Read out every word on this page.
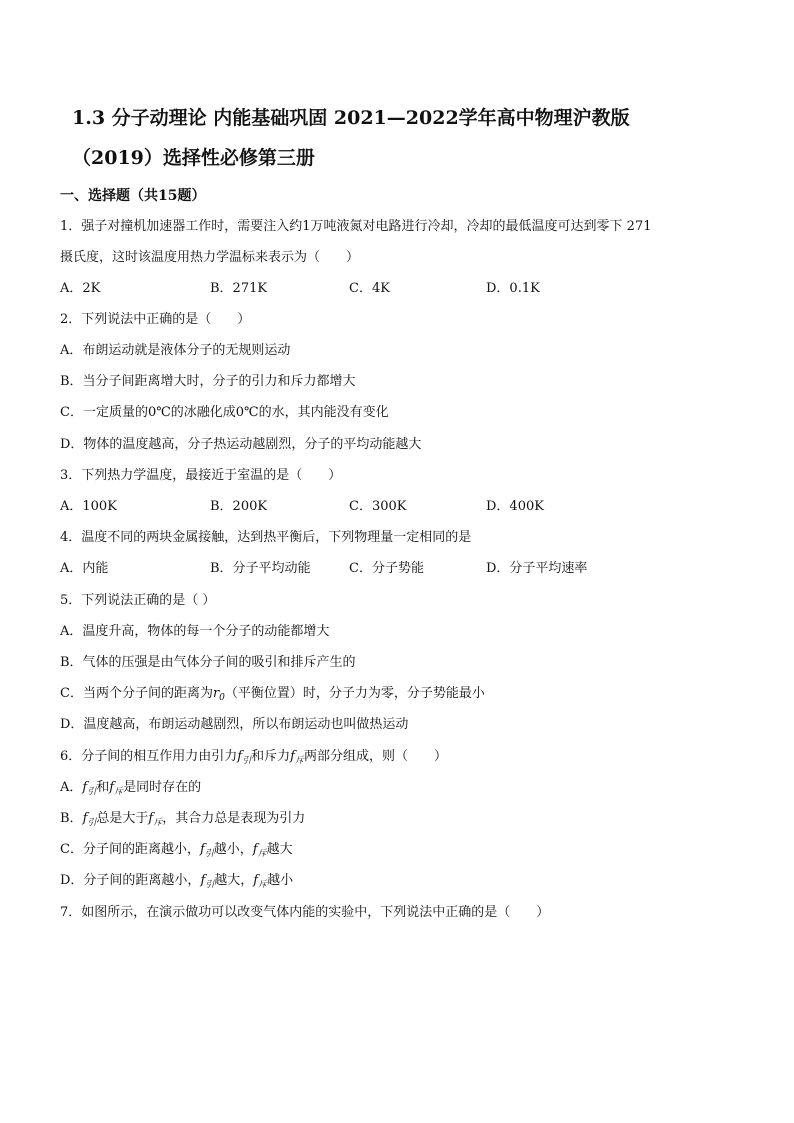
1.3 分子动理论 内能基础巩固 2021—2022学年高中物理沪教版
（2019）选择性必修第三册
一、选择题（共15题）
1．强子对撞机加速器工作时，需要注入约1万吨液氮对电路进行冷却，冷却的最低温度可达到零下 271
摄氏度，这时该温度用热力学温标来表示为（　　）
A．2K	B．271K	C．4K	D．0.1K
2．下列说法中正确的是（　　）
A．布朗运动就是液体分子的无规则运动
B．当分子间距离增大时，分子的引力和斥力都增大
C．一定质量的0℃的冰融化成0℃的水，其内能没有变化
D．物体的温度越高，分子热运动越剧烈，分子的平均动能越大
3．下列热力学温度，最接近于室温的是（　　）
A．100K	B．200K	C．300K	D．400K
4．温度不同的两块金属接触，达到热平衡后，下列物理量一定相同的是
A．内能	B．分子平均动能	C．分子势能	D．分子平均速率
5．下列说法正确的是（ ）
A．温度升高，物体的每一个分子的动能都增大
B．气体的压强是由气体分子间的吸引和排斥产生的
C．当两个分子间的距离为$r_0$（平衡位置）时，分子力为零，分子势能最小
D．温度越高，布朗运动越剧烈，所以布朗运动也叫做热运动
6．分子间的相互作用力由引力$f_引$和斥力$f_斥$两部分组成，则（　　）
A．$f_引$和$f_斥$是同时存在的
B．$f_引$总是大于$f_斥$，其合力总是表现为引力
C．分子间的距离越小，$f_引$越小，$f_斥$越大
D．分子间的距离越小，$f_引$越大，$f_斥$越小
7．如图所示，在演示做功可以改变气体内能的实验中，下列说法中正确的是（　　）
